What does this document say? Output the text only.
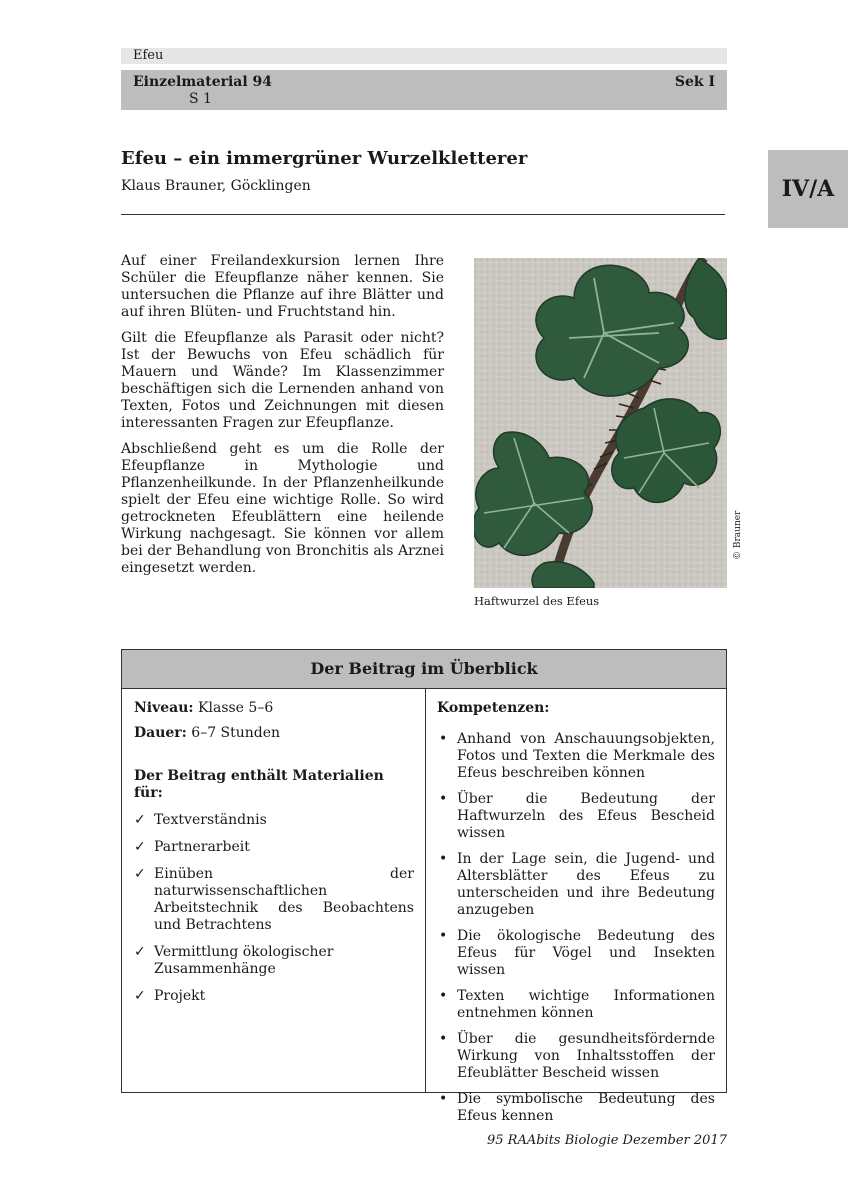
Efeu
Einzelmaterial 94
S 1
Sek I
IV/A
Efeu – ein immergrüner Wurzelkletterer
Klaus Brauner, Göcklingen

Auf einer Freilandexkursion lernen Ihre Schüler die Efeupflanze näher kennen. Sie untersuchen die Pflanze auf ihre Blätter und auf ihren Blüten- und Fruchtstand hin.

Gilt die Efeupflanze als Parasit oder nicht? Ist der Bewuchs von Efeu schädlich für Mauern und Wände? Im Klassenzimmer beschäftigen sich die Lernenden anhand von Texten, Fotos und Zeichnungen mit diesen interessanten Fragen zur Efeupflanze.

Abschließend geht es um die Rolle der Efeupflanze in Mythologie und Pflanzenheilkunde. In der Pflanzenheilkunde spielt der Efeu eine wichtige Rolle. So wird getrockneten Efeublättern eine heilende Wirkung nachgesagt. Sie können vor allem bei der Behandlung von Bronchitis als Arznei eingesetzt werden.

Haftwurzel des Efeus
© Brauner
Der Beitrag im Überblick
Niveau: Klasse 5–6
Dauer: 6–7 Stunden
Der Beitrag enthält Materialien für:
✓ Textverständnis
✓ Partnerarbeit
✓ Einüben der naturwissenschaftlichen Arbeitstechnik des Beobachtens und Betrachtens
✓ Vermittlung ökologischer Zusammenhänge
✓ Projekt
Kompetenzen:
• Anhand von Anschauungsobjekten, Fotos und Texten die Merkmale des Efeus beschreiben können
• Über die Bedeutung der Haftwurzeln des Efeus Bescheid wissen
• In der Lage sein, die Jugend- und Altersblätter des Efeus zu unterscheiden und ihre Bedeutung anzugeben
• Die ökologische Bedeutung des Efeus für Vögel und Insekten wissen
• Texten wichtige Informationen entnehmen können
• Über die gesundheitsfördernde Wirkung von Inhaltsstoffen der Efeublätter Bescheid wissen
• Die symbolische Bedeutung des Efeus kennen
95 RAAbits Biologie Dezember 2017
